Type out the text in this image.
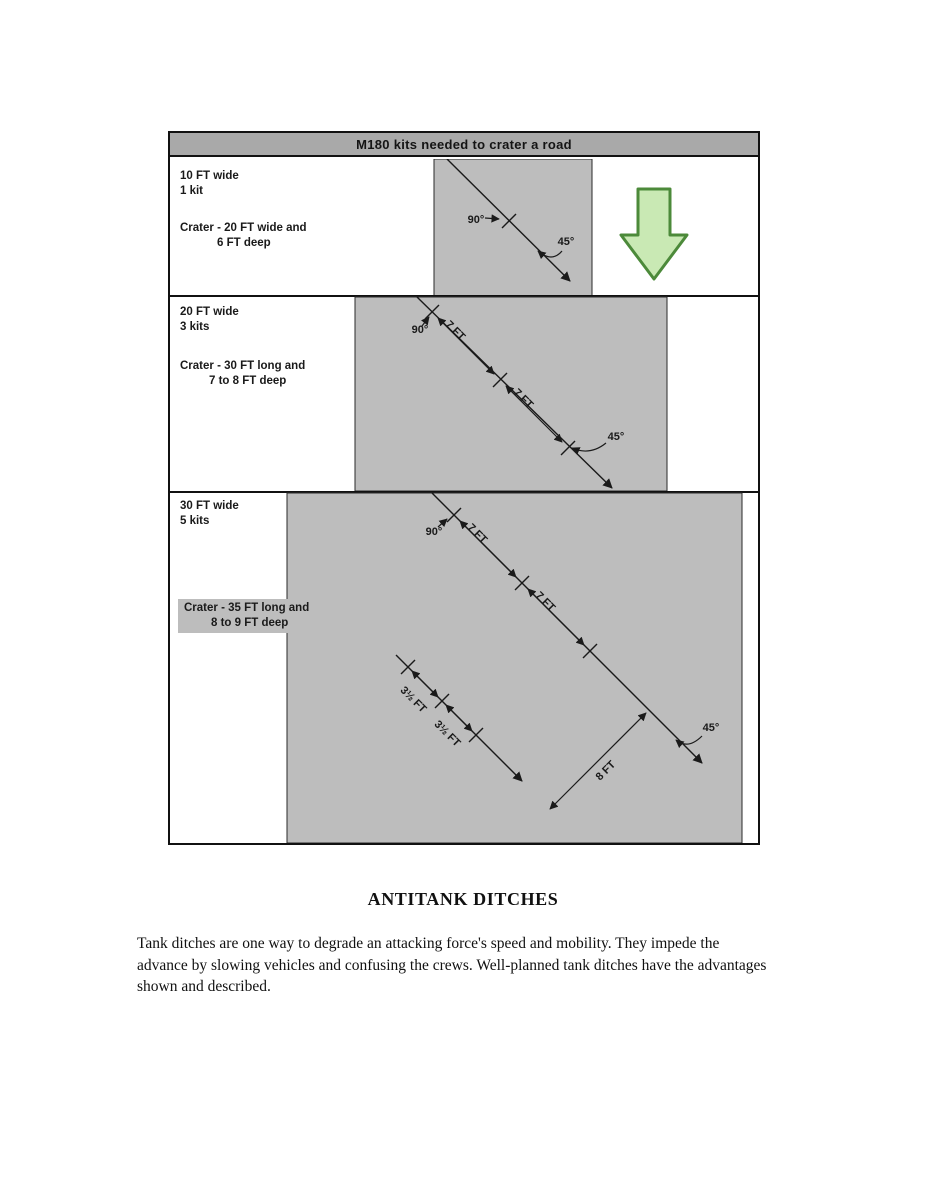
M180 kits needed to crater a road
10 FT wide
1 kit
Crater - 20 FT wide and
6 FT deep
20 FT wide
3 kits
Crater - 30 FT long and
7 to 8 FT deep
30 FT wide
5 kits
Crater - 35 FT long and
8 to 9 FT deep
90°
45°
7 FT
7 FT
90°
45°
7 FT
7 FT
90°
3½ FT
3½ FT
8 FT
45°
ANTITANK DITCHES
Tank ditches are one way to degrade an attacking force's speed and mobility. They impede the advance by slowing vehicles and confusing the crews. Well-planned tank ditches have the advantages shown and described.
